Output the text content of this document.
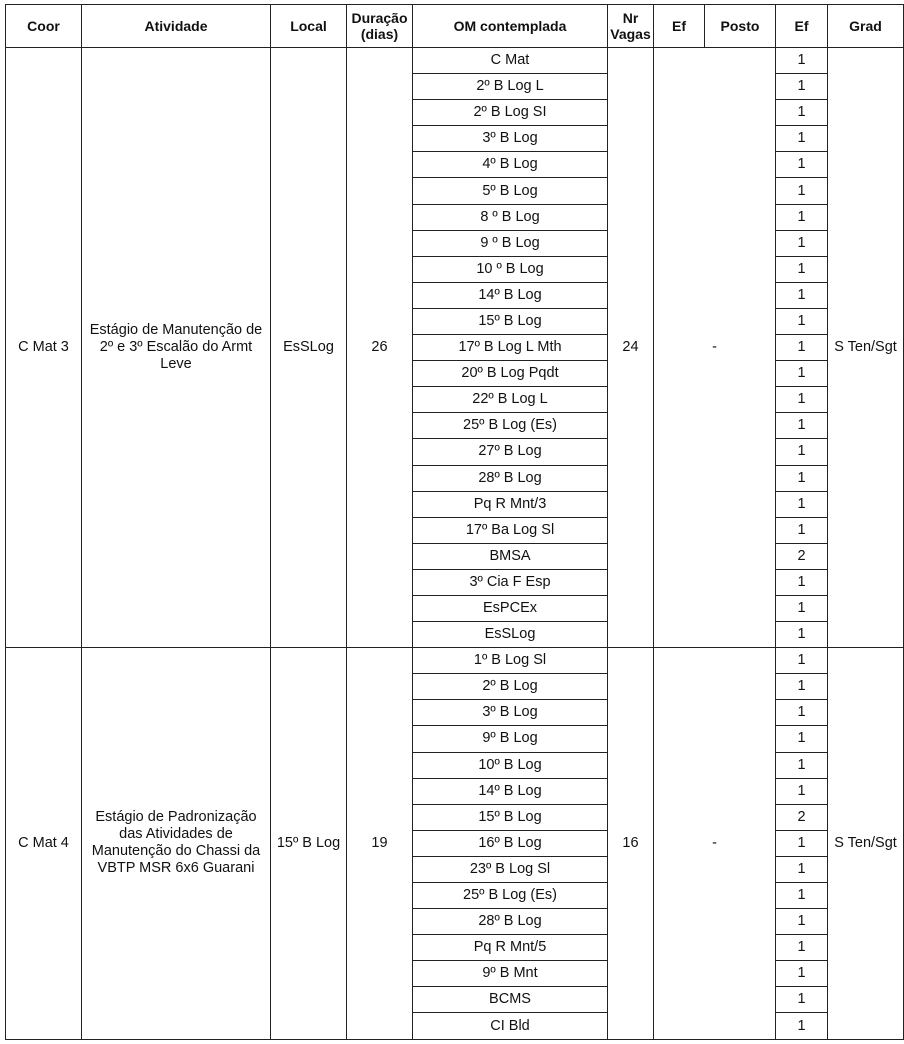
Coor	Atividade	Local	Duração (dias)	OM contemplada	Nr Vagas	Ef	Posto	Ef	Grad
C Mat 3	Estágio de Manutenção de 2º e 3º Escalão do Armt Leve	EsSLog	26	C Mat	24	-		1	S Ten/Sgt
				2º B Log L				1	
				2º B Log SI				1	
				3º B Log				1	
				4º B Log				1	
				5º B Log				1	
				8 º B Log				1	
				9 º B Log				1	
				10 º B Log				1	
				14º B Log				1	
				15º B Log				1	
				17º B Log L Mth				1	
				20º B Log Pqdt				1	
				22º B Log L				1	
				25º B Log (Es)				1	
				27º B Log				1	
				28º B Log				1	
				Pq R Mnt/3				1	
				17º Ba Log Sl				1	
				BMSA				2	
				3º Cia F Esp				1	
				EsPCEx				1	
				EsSLog				1	
C Mat 4	Estágio de Padronização das Atividades de Manutenção do Chassi da VBTP MSR 6x6 Guarani	15º B Log	19	1º B Log Sl	16	-		1	S Ten/Sgt
				2º B Log				1	
				3º B Log				1	
				9º B Log				1	
				10º B Log				1	
				14º B Log				1	
				15º B Log				2	
				16º B Log				1	
				23º B Log Sl				1	
				25º B Log (Es)				1	
				28º B Log				1	
				Pq R Mnt/5				1	
				9º B Mnt				1	
				BCMS				1	
				CI Bld				1	
